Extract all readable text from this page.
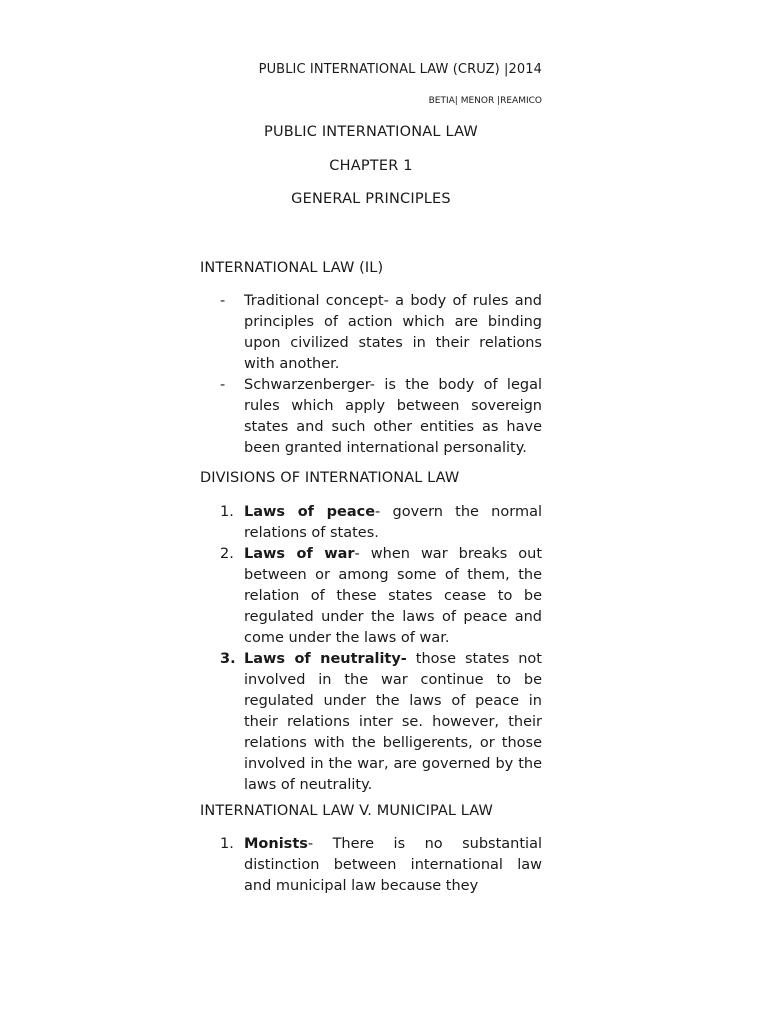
PUBLIC INTERNATIONAL LAW (CRUZ) |2014
BETIA| MENOR |REAMICO
PUBLIC INTERNATIONAL LAW
CHAPTER 1
GENERAL PRINCIPLES
INTERNATIONAL LAW (IL)
- Traditional concept- a body of rules and principles of action which are binding upon civilized states in their relations with another.
- Schwarzenberger- is the body of legal rules which apply between sovereign states and such other entities as have been granted international personality.
DIVISIONS OF INTERNATIONAL LAW
1. Laws of peace- govern the normal relations of states.
2. Laws of war- when war breaks out between or among some of them, the relation of these states cease to be regulated under the laws of peace and come under the laws of war.
3. Laws of neutrality- those states not involved in the war continue to be regulated under the laws of peace in their relations inter se. however, their relations with the belligerents, or those involved in the war, are governed by the laws of neutrality.
INTERNATIONAL LAW V. MUNICIPAL LAW
1. Monists- There is no substantial distinction between international law and municipal law because they
